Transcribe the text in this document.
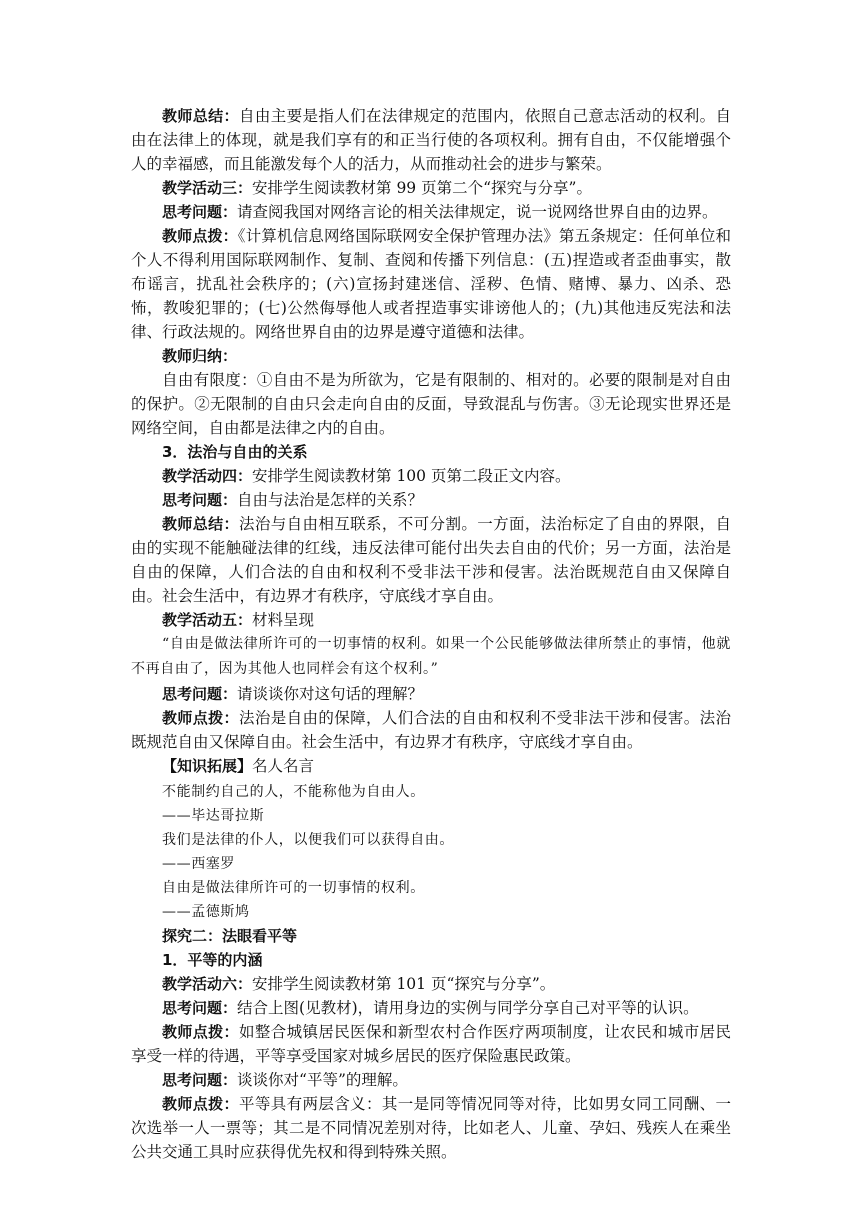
教师总结：自由主要是指人们在法律规定的范围内，依照自己意志活动的权利。自由在法律上的体现，就是我们享有的和正当行使的各项权利。拥有自由，不仅能增强个人的幸福感，而且能激发每个人的活力，从而推动社会的进步与繁荣。

教学活动三：安排学生阅读教材第 99 页第二个“探究与分享”。

思考问题：请查阅我国对网络言论的相关法律规定，说一说网络世界自由的边界。

教师点拨：《计算机信息网络国际联网安全保护管理办法》第五条规定：任何单位和个人不得利用国际联网制作、复制、查阅和传播下列信息：(五)捏造或者歪曲事实，散布谣言，扰乱社会秩序的；(六)宣扬封建迷信、淫秽、色情、赌博、暴力、凶杀、恐怖，教唆犯罪的；(七)公然侮辱他人或者捏造事实诽谤他人的；(九)其他违反宪法和法律、行政法规的。网络世界自由的边界是遵守道德和法律。

教师归纳：

自由有限度：①自由不是为所欲为，它是有限制的、相对的。必要的限制是对自由的保护。②无限制的自由只会走向自由的反面，导致混乱与伤害。③无论现实世界还是网络空间，自由都是法律之内的自由。

3．法治与自由的关系

教学活动四：安排学生阅读教材第 100 页第二段正文内容。

思考问题：自由与法治是怎样的关系？

教师总结：法治与自由相互联系，不可分割。一方面，法治标定了自由的界限，自由的实现不能触碰法律的红线，违反法律可能付出失去自由的代价；另一方面，法治是自由的保障，人们合法的自由和权利不受非法干涉和侵害。法治既规范自由又保障自由。社会生活中，有边界才有秩序，守底线才享自由。

教学活动五：材料呈现

“自由是做法律所许可的一切事情的权利。如果一个公民能够做法律所禁止的事情，他就不再自由了，因为其他人也同样会有这个权利。”

思考问题：请谈谈你对这句话的理解？

教师点拨：法治是自由的保障，人们合法的自由和权利不受非法干涉和侵害。法治既规范自由又保障自由。社会生活中，有边界才有秩序，守底线才享自由。

【知识拓展】名人名言

不能制约自己的人，不能称他为自由人。

——毕达哥拉斯

我们是法律的仆人，以便我们可以获得自由。

——西塞罗

自由是做法律所许可的一切事情的权利。

——孟德斯鸠

探究二：法眼看平等

1．平等的内涵

教学活动六：安排学生阅读教材第 101 页“探究与分享”。

思考问题：结合上图(见教材)，请用身边的实例与同学分享自己对平等的认识。

教师点拨：如整合城镇居民医保和新型农村合作医疗两项制度，让农民和城市居民享受一样的待遇，平等享受国家对城乡居民的医疗保险惠民政策。

思考问题：谈谈你对“平等”的理解。

教师点拨：平等具有两层含义：其一是同等情况同等对待，比如男女同工同酬、一次选举一人一票等；其二是不同情况差别对待，比如老人、儿童、孕妇、残疾人在乘坐公共交通工具时应获得优先权和得到特殊关照。
